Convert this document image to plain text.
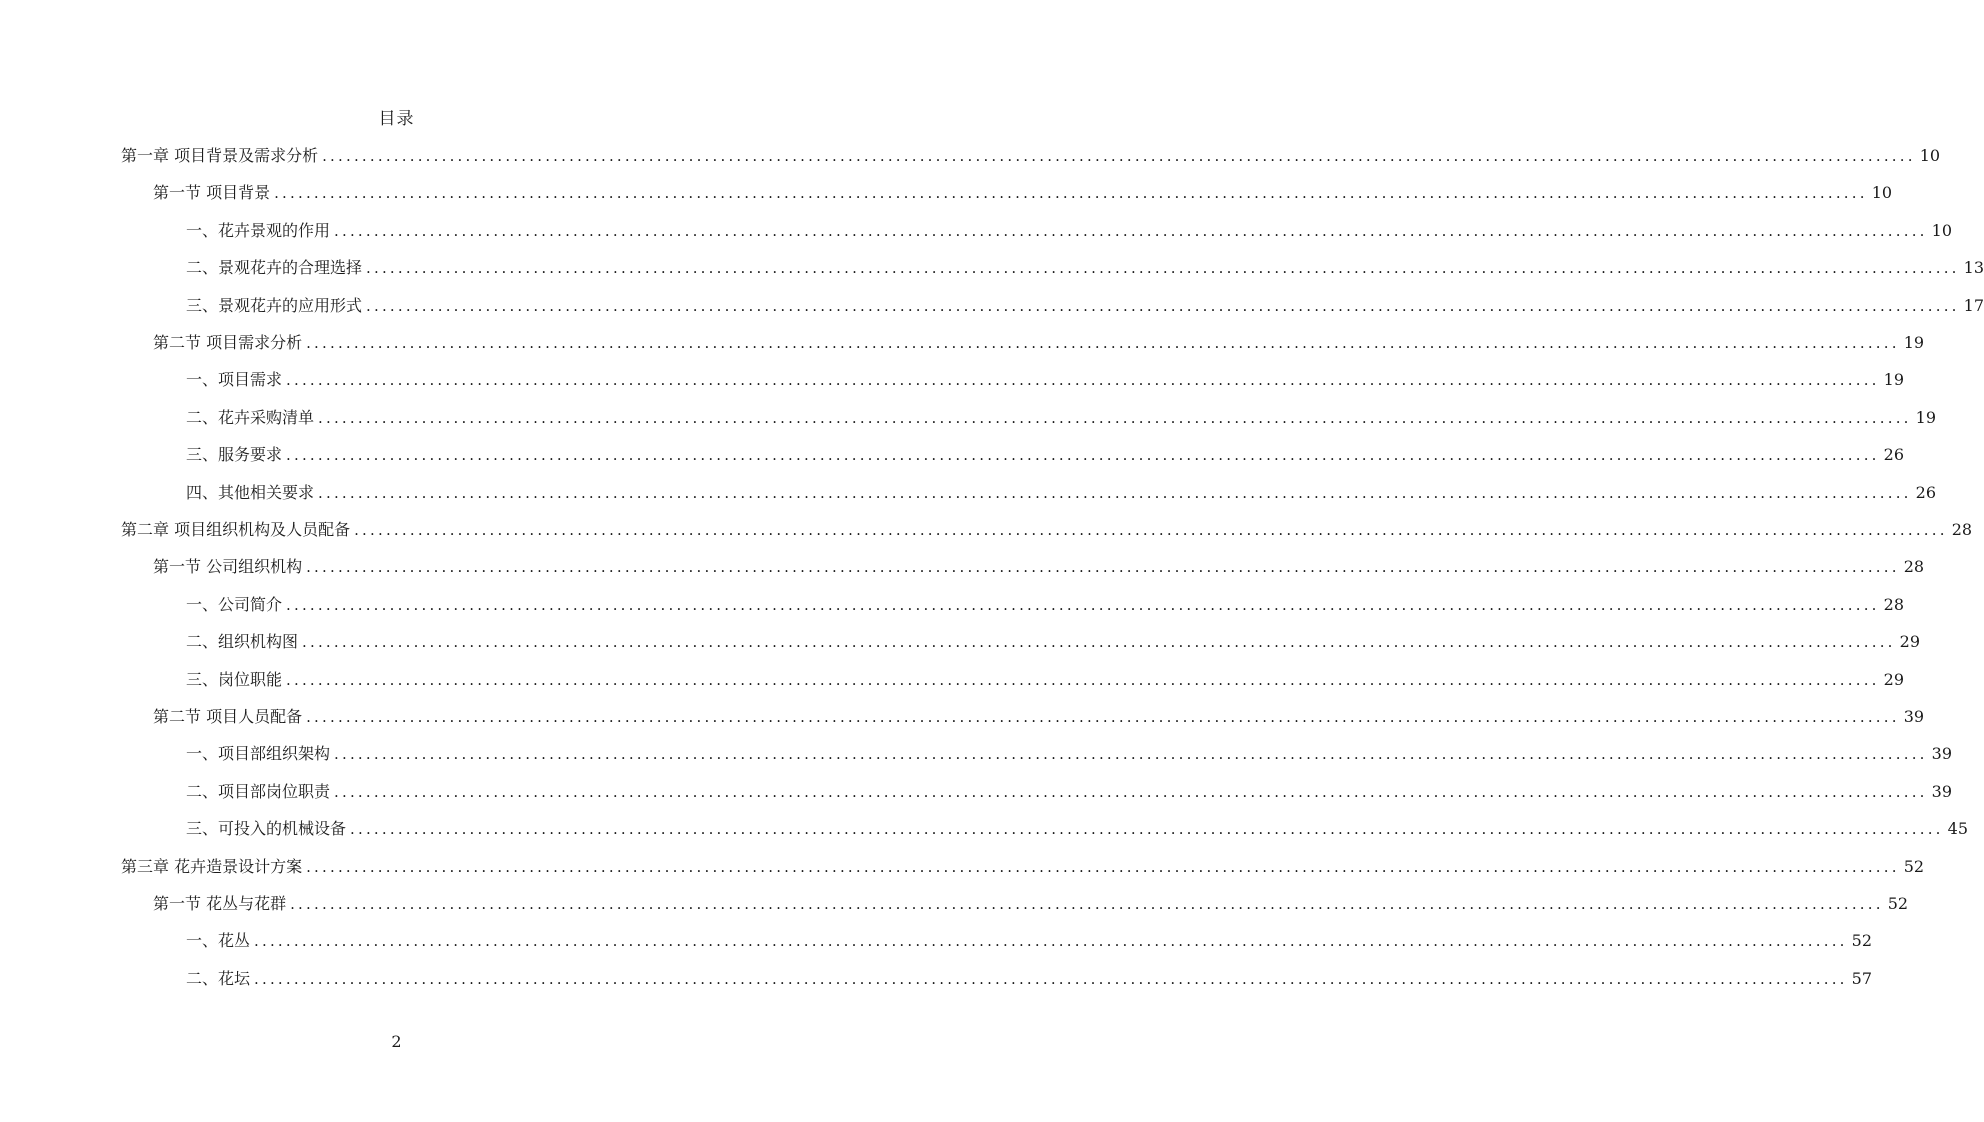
目录
第一章 项目背景及需求分析 ........................................................................................................................................................................................................ 10
第一节 项目背景 ........................................................................................................................................................................................................ 10
一、花卉景观的作用 ........................................................................................................................................................................................................ 10
二、景观花卉的合理选择 ........................................................................................................................................................................................................ 13
三、景观花卉的应用形式 ........................................................................................................................................................................................................ 17
第二节 项目需求分析 ........................................................................................................................................................................................................ 19
一、项目需求 ........................................................................................................................................................................................................ 19
二、花卉采购清单 ........................................................................................................................................................................................................ 19
三、服务要求 ........................................................................................................................................................................................................ 26
四、其他相关要求 ........................................................................................................................................................................................................ 26
第二章 项目组织机构及人员配备 ........................................................................................................................................................................................................ 28
第一节 公司组织机构 ........................................................................................................................................................................................................ 28
一、公司简介 ........................................................................................................................................................................................................ 28
二、组织机构图 ........................................................................................................................................................................................................ 29
三、岗位职能 ........................................................................................................................................................................................................ 29
第二节 项目人员配备 ........................................................................................................................................................................................................ 39
一、项目部组织架构 ........................................................................................................................................................................................................ 39
二、项目部岗位职责 ........................................................................................................................................................................................................ 39
三、可投入的机械设备 ........................................................................................................................................................................................................ 45
第三章 花卉造景设计方案 ........................................................................................................................................................................................................ 52
第一节 花丛与花群 ........................................................................................................................................................................................................ 52
一、花丛 ........................................................................................................................................................................................................ 52
二、花坛 ........................................................................................................................................................................................................ 57
2
